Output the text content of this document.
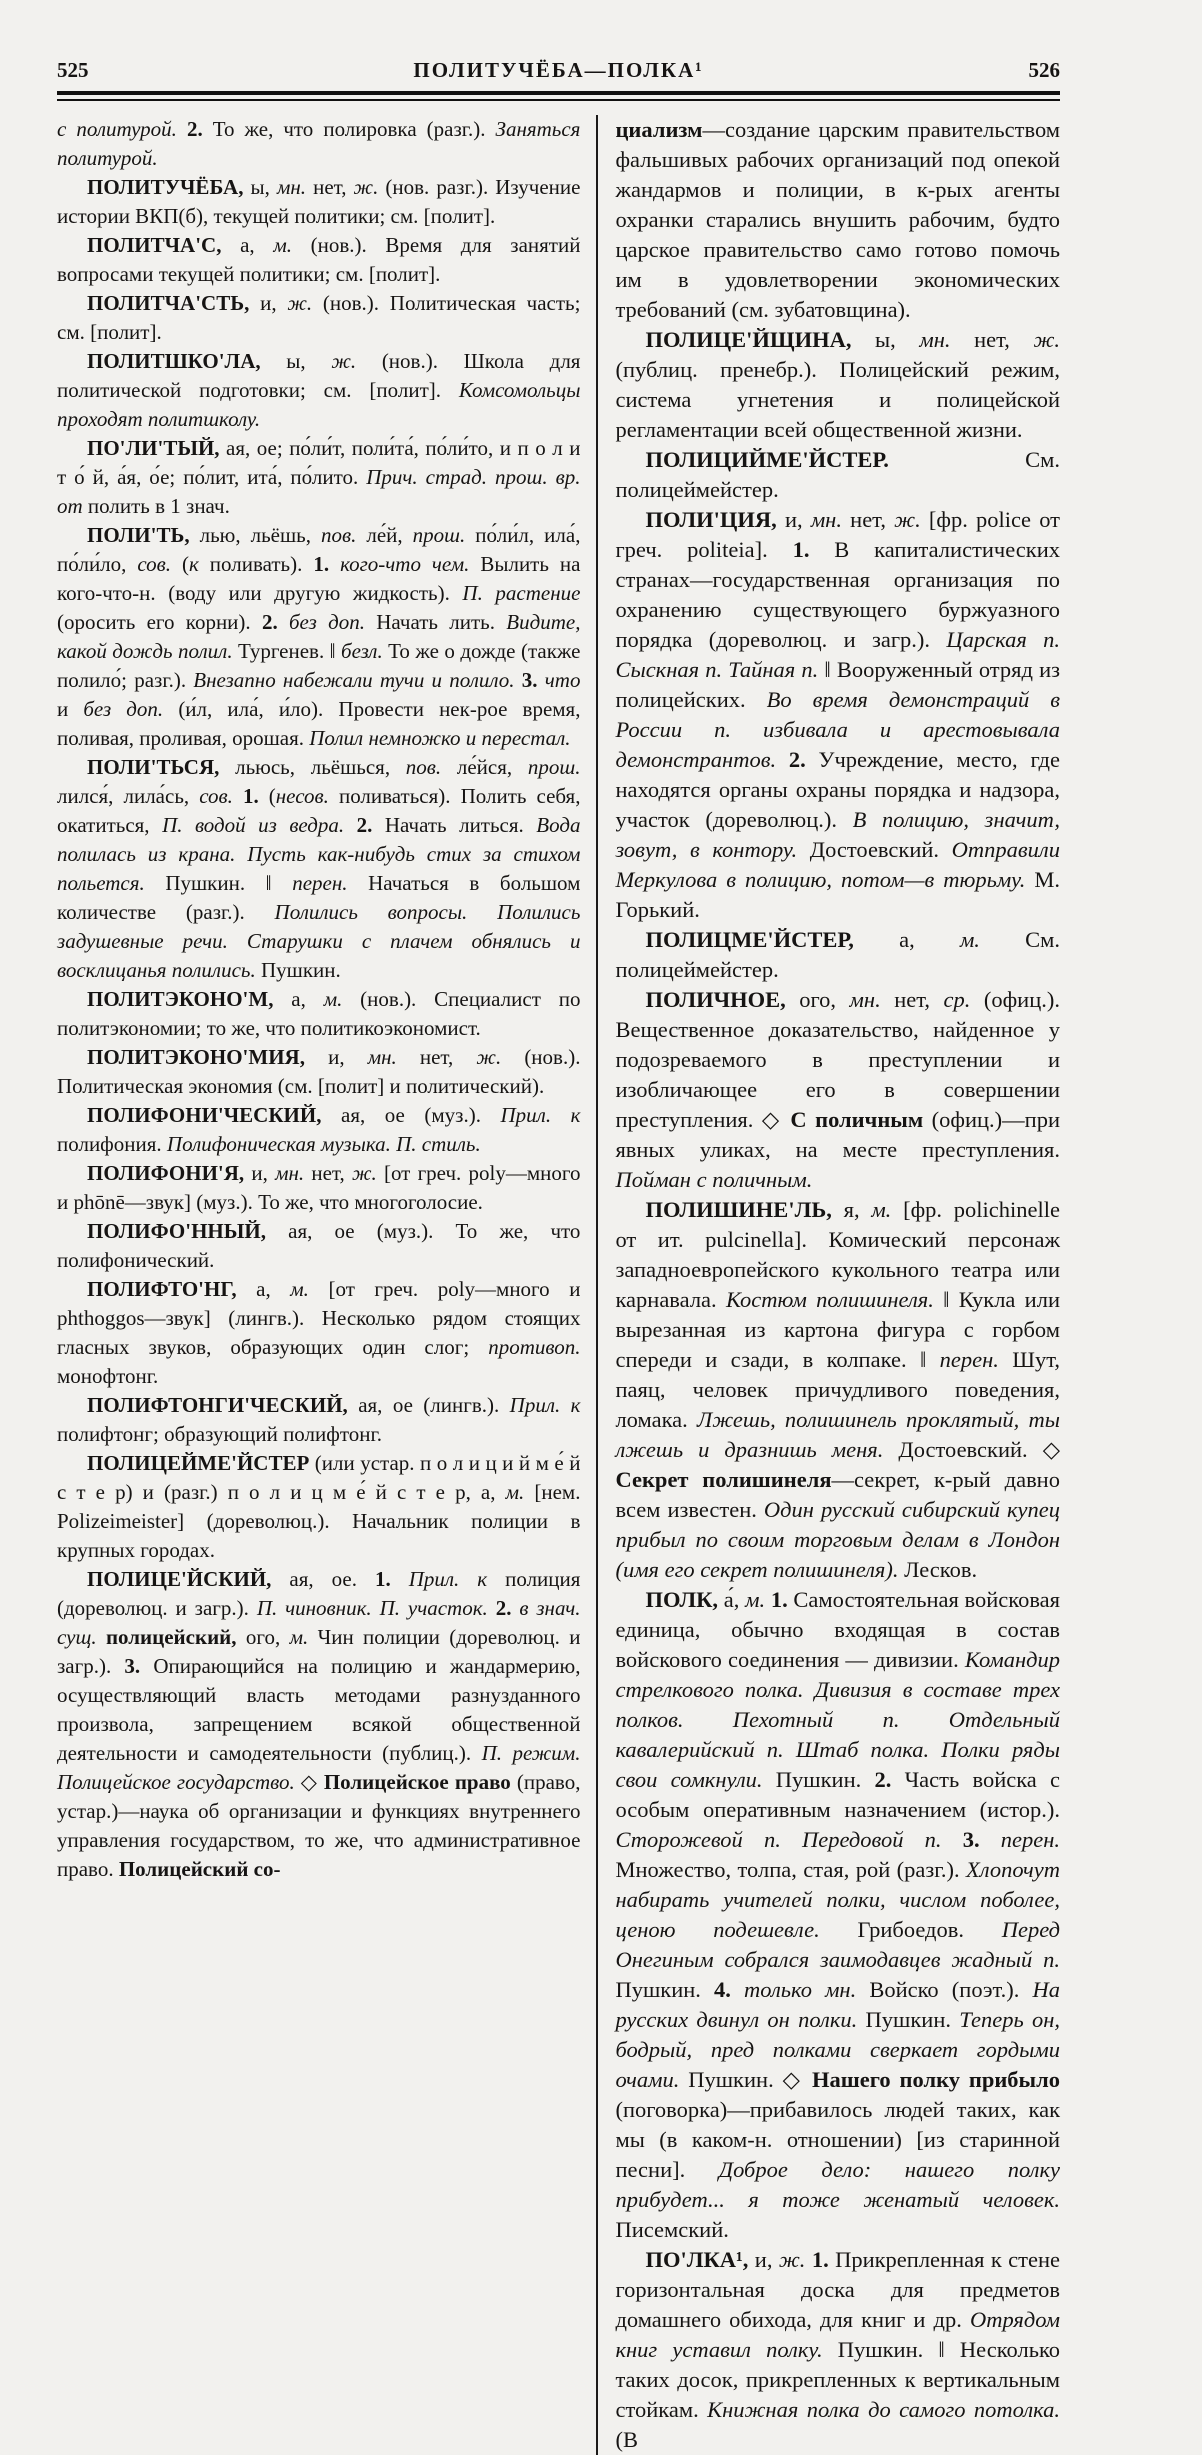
525	ПОЛИТУЧЁБА—ПОЛКА¹	526

с политурой. 2. То же, что полировка (разг.). Заняться политурой.

ПОЛИТУЧЁБА, ы, мн. нет, ж. (нов. разг.). Изучение истории ВКП(б), текущей политики; см. [полит].

ПОЛИТЧА'С, а, м. (нов.). Время для занятий вопросами текущей политики; см. [полит].

ПОЛИТЧА'СТЬ, и, ж. (нов.). Политическая часть; см. [полит].

ПОЛИТШКО'ЛА, ы, ж. (нов.). Школа для политической подготовки; см. [полит]. Комсомольцы проходят политшколу.

ПО'ЛИ'ТЫЙ, ая, ое; по́ли́т, поли́та́, по́ли́то, и п о л и т о́ й, а́я, о́е; по́лит, ита́, по́лито. Прич. страд. прош. вр. от полить в 1 знач.

ПОЛИ'ТЬ, лью, льёшь, пов. ле́й, прош. по́ли́л, ила́, по́ли́ло, сов. (к поливать). 1. кого-что чем. Вылить на кого-что-н. (воду или другую жидкость). П. растение (оросить его корни). 2. без доп. Начать лить. Видите, какой дождь полил. Тургенев. ‖ безл. То же о дожде (также полило́; разг.). Внезапно набежали тучи и полило. 3. что и без доп. (и́л, ила́, и́ло). Провести нек-рое время, поливая, проливая, орошая. Полил немножко и перестал.

ПОЛИ'ТЬСЯ, льюсь, льёшься, пов. ле́йся, прош. лился́, лила́сь, сов. 1. (несов. поливаться). Полить себя, окатиться, П. водой из ведра. 2. Начать литься. Вода полилась из крана. Пусть как-нибудь стих за стихом польется. Пушкин. ‖ перен. Начаться в большом количестве (разг.). Полились вопросы. Полились задушевные речи. Старушки с плачем обнялись и восклицанья полились. Пушкин.

ПОЛИТЭКОНО'М, а, м. (нов.). Специалист по политэкономии; то же, что политикоэкономист.

ПОЛИТЭКОНО'МИЯ, и, мн. нет, ж. (нов.). Политическая экономия (см. [полит] и политический).

ПОЛИФОНИ'ЧЕСКИЙ, ая, ое (муз.). Прил. к полифония. Полифоническая музыка. П. стиль.

ПОЛИФОНИ'Я, и, мн. нет, ж. [от греч. poly—много и phōnē—звук] (муз.). То же, что многоголосие.

ПОЛИФО'ННЫЙ, ая, ое (муз.). То же, что полифонический.

ПОЛИФТО'НГ, а, м. [от греч. poly—много и phthoggos—звук] (лингв.). Несколько рядом стоящих гласных звуков, образующих один слог; противоп. монофтонг.

ПОЛИФТОНГИ'ЧЕСКИЙ, ая, ое (лингв.). Прил. к полифтонг; образующий полифтонг.

ПОЛИЦЕЙМЕ'ЙСТЕР (или устар. п о л и ц и й м е́ й с т е р) и (разг.) п о л и ц м е́ й с т е р, а, м. [нем. Polizeimeister] (дореволюц.). Начальник полиции в крупных городах.

ПОЛИЦЕ'ЙСКИЙ, ая, ое. 1. Прил. к полиция (дореволюц. и загр.). П. чиновник. П. участок. 2. в знач. сущ. полицейский, ого, м. Чин полиции (дореволюц. и загр.). 3. Опирающийся на полицию и жандармерию, осуществляющий власть методами разнузданного произвола, запрещением всякой общественной деятельности и самодеятельности (публиц.). П. режим. Полицейское государство. ◇ Полицейское право (право, устар.)—наука об организации и функциях внутреннего управления государством, то же, что административное право. Полицейский со-

циализм—создание царским правительством фальшивых рабочих организаций под опекой жандармов и полиции, в к-рых агенты охранки старались внушить рабочим, будто царское правительство само готово помочь им в удовлетворении экономических требований (см. зубатовщина).

ПОЛИЦЕ'ЙЩИНА, ы, мн. нет, ж. (публиц. пренебр.). Полицейский режим, система угнетения и полицейской регламентации всей общественной жизни.

ПОЛИЦИЙМЕ'ЙСТЕР. См. полицеймейстер.

ПОЛИ'ЦИЯ, и, мн. нет, ж. [фр. police от греч. politeia]. 1. В капиталистических странах—государственная организация по охранению существующего буржуазного порядка (дореволюц. и загр.). Царская п. Сыскная п. Тайная п. ‖ Вооруженный отряд из полицейских. Во время демонстраций в России п. избивала и арестовывала демонстрантов. 2. Учреждение, место, где находятся органы охраны порядка и надзора, участок (дореволюц.). В полицию, значит, зовут, в контору. Достоевский. Отправили Меркулова в полицию, потом—в тюрьму. М. Горький.

ПОЛИЦМЕ'ЙСТЕР, а, м. См. полицеймейстер.

ПОЛИЧНОЕ, ого, мн. нет, ср. (офиц.). Вещественное доказательство, найденное у подозреваемого в преступлении и изобличающее его в совершении преступления. ◇ С поличным (офиц.)—при явных уликах, на месте преступления. Пойман с поличным.

ПОЛИШИНЕ'ЛЬ, я, м. [фр. polichinelle от ит. pulcinella]. Комический персонаж западноевропейского кукольного театра или карнавала. Костюм полишинеля. ‖ Кукла или вырезанная из картона фигура с горбом спереди и сзади, в колпаке. ‖ перен. Шут, паяц, человек причудливого поведения, ломака. Лжешь, полишинель проклятый, ты лжешь и дразнишь меня. Достоевский. ◇ Секрет полишинеля—секрет, к-рый давно всем известен. Один русский сибирский купец прибыл по своим торговым делам в Лондон (имя его секрет полишинеля). Лесков.

ПОЛК, а́, м. 1. Самостоятельная войсковая единица, обычно входящая в состав войскового соединения — дивизии. Командир стрелкового полка. Дивизия в составе трех полков. Пехотный п. Отдельный кавалерийский п. Штаб полка. Полки ряды свои сомкнули. Пушкин. 2. Часть войска с особым оперативным назначением (истор.). Сторожевой п. Передовой п. 3. перен. Множество, толпа, стая, рой (разг.). Хлопочут набирать учителей полки, числом поболее, ценою подешевле. Грибоедов. Перед Онегиным собрался заимодавцев жадный п. Пушкин. 4. только мн. Войско (поэт.). На русских двинул он полки. Пушкин. Теперь он, бодрый, пред полками сверкает гордыми очами. Пушкин. ◇ Нашего полку прибыло (поговорка)—прибавилось людей таких, как мы (в каком-н. отношении) [из старинной песни]. Доброе дело: нашего полку прибудет... я тоже женатый человек. Писемский.

ПО'ЛКА¹, и, ж. 1. Прикрепленная к стене горизонтальная доска для предметов домашнего обихода, для книг и др. Отрядом книг уставил полку. Пушкин. ‖ Несколько таких досок, прикрепленных к вертикальным стойкам. Книжная полка до самого потолка. (В
